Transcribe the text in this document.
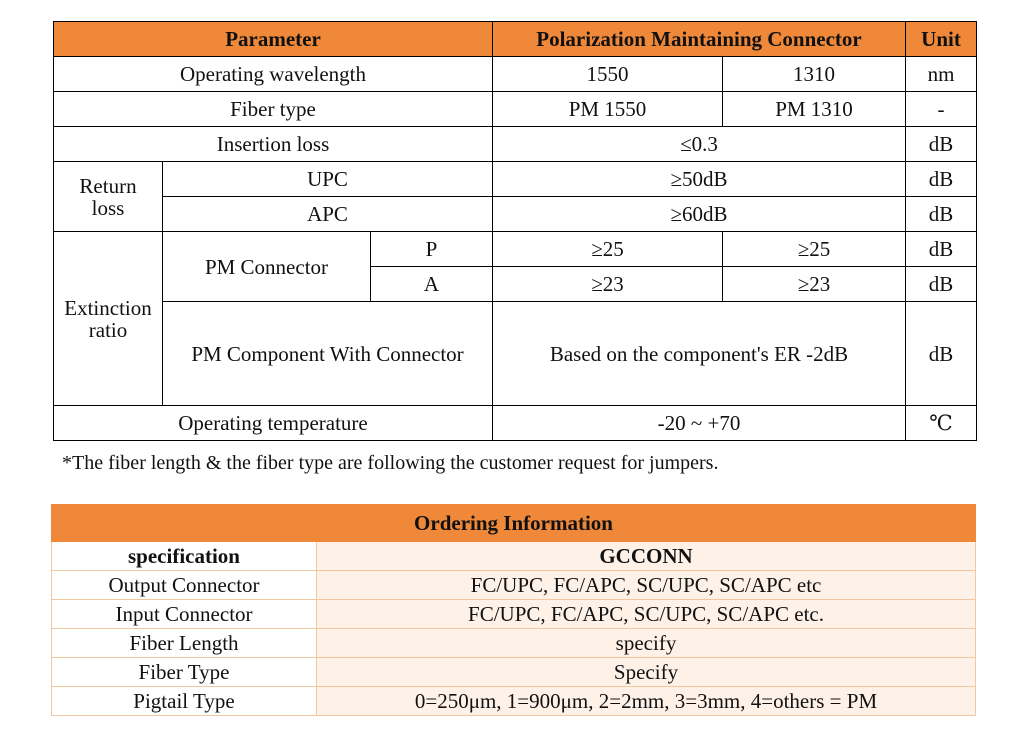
Parameter			Polarization Maintaining Connector		Unit
Operating wavelength			1550	1310	nm
Fiber type			PM 1550	PM 1310	-
Insertion loss			≤0.3		dB
Return
loss	UPC		≥50dB		dB
	APC		≥60dB		dB
Extinction
ratio	PM Connector	P	≥25	≥25	dB
		A	≥23	≥23	dB
	PM Component With Connector		Based on the component's ER -2dB		dB
Operating temperature			-20 ~ +70		℃
*The fiber length & the fiber type are following the customer request for jumpers.
Ordering Information	
specification	GCCONN
Output Connector	FC/UPC, FC/APC, SC/UPC, SC/APC etc
Input Connector	FC/UPC, FC/APC, SC/UPC, SC/APC etc.
Fiber Length	specify
Fiber Type	Specify
Pigtail Type	0=250μm, 1=900μm, 2=2mm, 3=3mm, 4=others = PM
